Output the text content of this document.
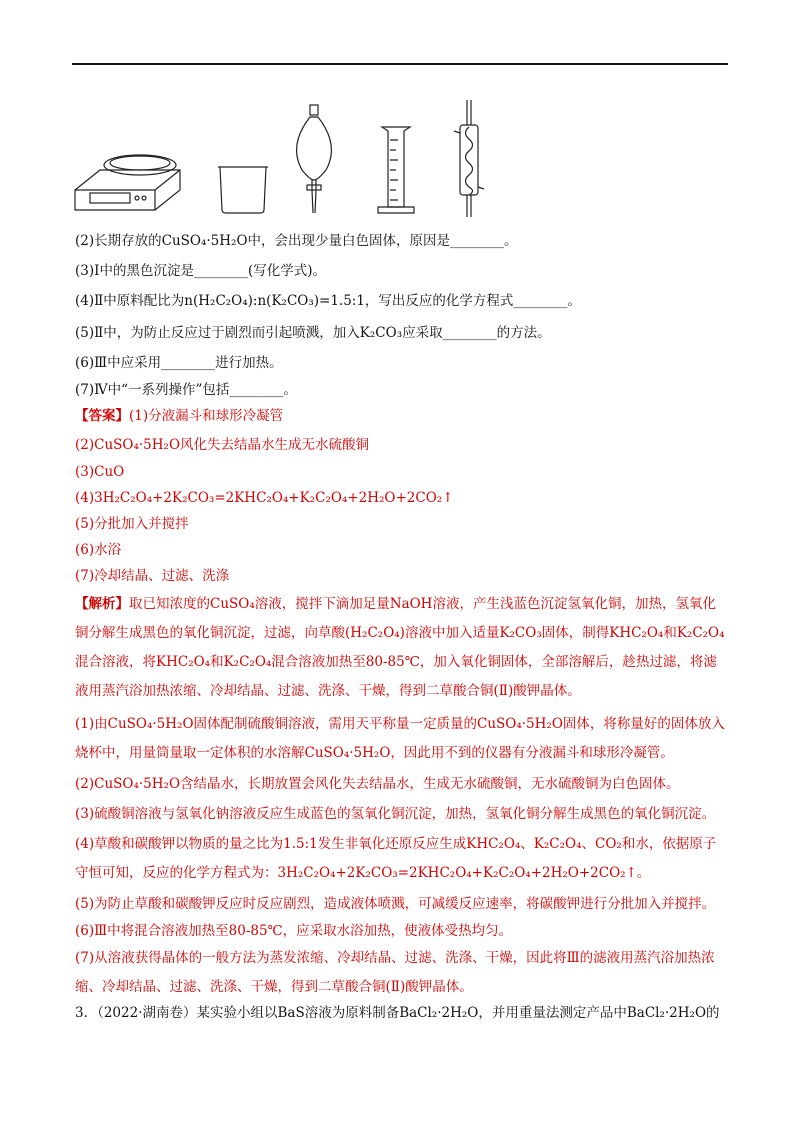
(2)长期存放的CuSO₄·5H₂O中，会出现少量白色固体，原因是________。
(3)Ⅰ中的黑色沉淀是________(写化学式)。
(4)Ⅱ中原料配比为n(H₂C₂O₄):n(K₂CO₃)=1.5:1，写出反应的化学方程式________。
(5)Ⅱ中，为防止反应过于剧烈而引起喷溅，加入K₂CO₃应采取________的方法。
(6)Ⅲ中应采用________进行加热。
(7)Ⅳ中“一系列操作”包括________。
【答案】(1)分液漏斗和球形冷凝管
(2)CuSO₄·5H₂O风化失去结晶水生成无水硫酸铜
(3)CuO
(4)3H₂C₂O₄+2K₂CO₃=2KHC₂O₄+K₂C₂O₄+2H₂O+2CO₂↑
(5)分批加入并搅拌
(6)水浴
(7)冷却结晶、过滤、洗涤
【解析】取已知浓度的CuSO₄溶液，搅拌下滴加足量NaOH溶液，产生浅蓝色沉淀氢氧化铜，加热，氢氧化铜分解生成黑色的氧化铜沉淀，过滤，向草酸(H₂C₂O₄)溶液中加入适量K₂CO₃固体，制得KHC₂O₄和K₂C₂O₄混合溶液，将KHC₂O₄和K₂C₂O₄混合溶液加热至80-85℃，加入氧化铜固体，全部溶解后，趁热过滤，将滤液用蒸汽浴加热浓缩、冷却结晶、过滤、洗涤、干燥，得到二草酸合铜(Ⅱ)酸钾晶体。
(1)由CuSO₄·5H₂O固体配制硫酸铜溶液，需用天平称量一定质量的CuSO₄·5H₂O固体，将称量好的固体放入烧杯中，用量筒量取一定体积的水溶解CuSO₄·5H₂O，因此用不到的仪器有分液漏斗和球形冷凝管。
(2)CuSO₄·5H₂O含结晶水，长期放置会风化失去结晶水，生成无水硫酸铜，无水硫酸铜为白色固体。
(3)硫酸铜溶液与氢氧化钠溶液反应生成蓝色的氢氧化铜沉淀，加热，氢氧化铜分解生成黑色的氧化铜沉淀。
(4)草酸和碳酸钾以物质的量之比为1.5:1发生非氧化还原反应生成KHC₂O₄、K₂C₂O₄、CO₂和水，依据原子守恒可知，反应的化学方程式为：3H₂C₂O₄+2K₂CO₃=2KHC₂O₄+K₂C₂O₄+2H₂O+2CO₂↑。
(5)为防止草酸和碳酸钾反应时反应剧烈，造成液体喷溅，可减缓反应速率，将碳酸钾进行分批加入并搅拌。
(6)Ⅲ中将混合溶液加热至80-85℃，应采取水浴加热，使液体受热均匀。
(7)从溶液获得晶体的一般方法为蒸发浓缩、冷却结晶、过滤、洗涤、干燥，因此将Ⅲ的滤液用蒸汽浴加热浓缩、冷却结晶、过滤、洗涤、干燥，得到二草酸合铜(Ⅱ)酸钾晶体。
3．（2022·湖南卷）某实验小组以BaS溶液为原料制备BaCl₂·2H₂O，并用重量法测定产品中BaCl₂·2H₂O的
